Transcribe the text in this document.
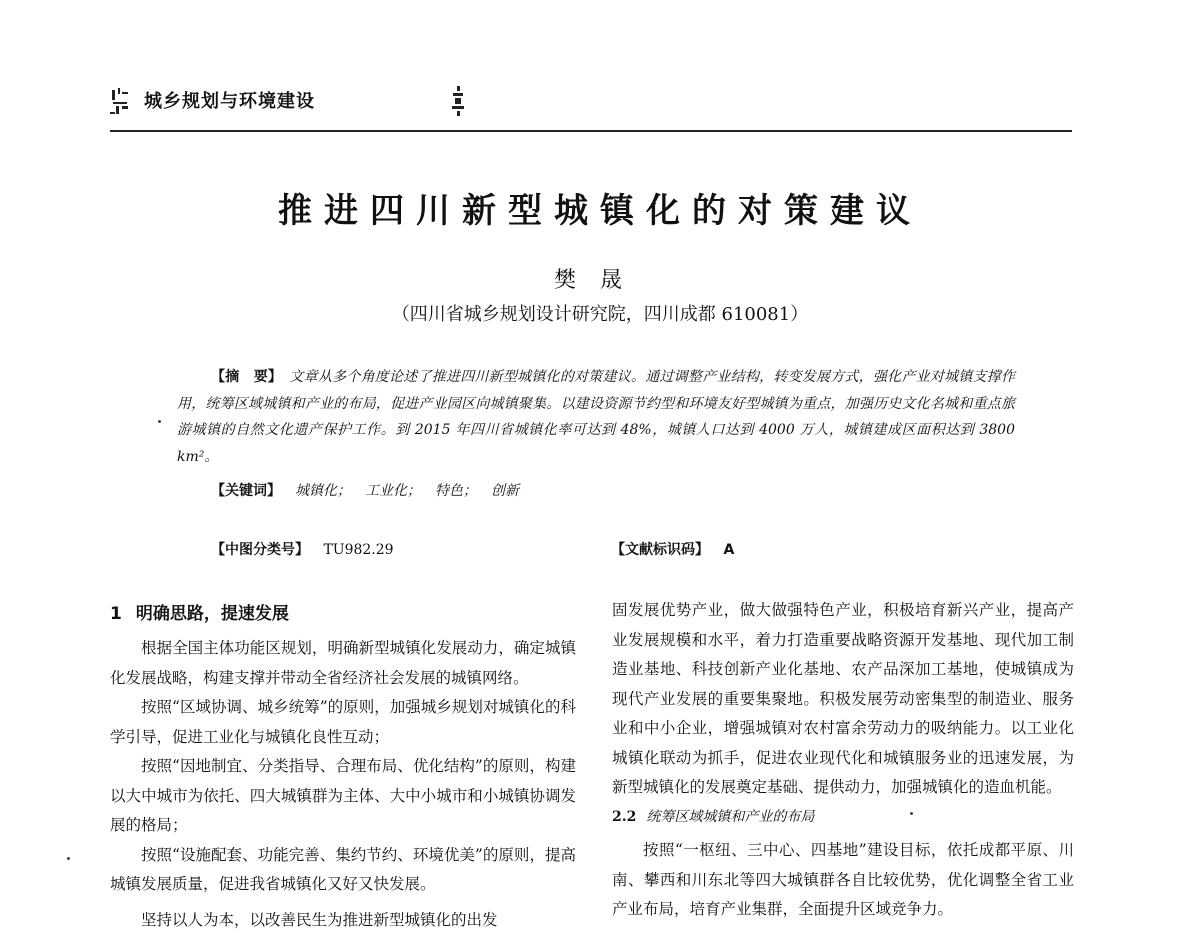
城乡规划与环境建设
推进四川新型城镇化的对策建议
樊晟
（四川省城乡规划设计研究院，四川成都 610081）
【摘　要】　 文章从多个角度论述了推进四川新型城镇化的对策建议。通过调整产业结构，转变发展方式，强化产业对城镇支撑作用，统筹区域城镇和产业的布局，促进产业园区向城镇聚集。以建设资源节约型和环境友好型城镇为重点，加强历史文化名城和重点旅游城镇的自然文化遗产保护工作。到 2015 年四川省城镇化率可达到 48%，城镇人口达到 4000 万人，城镇建成区面积达到 3800 km²。
【关键词】 城镇化； 工业化； 特色； 创新
【中图分类号】 TU982.29	【文献标识码】 A
1 明确思路，提速发展

根据全国主体功能区规划，明确新型城镇化发展动力，确定城镇化发展战略，构建支撑并带动全省经济社会发展的城镇网络。

按照“区域协调、城乡统筹”的原则，加强城乡规划对城镇化的科学引导，促进工业化与城镇化良性互动；

按照“因地制宜、分类指导、合理布局、优化结构”的原则，构建以大中城市为依托、四大城镇群为主体、大中小城市和小城镇协调发展的格局；

按照“设施配套、功能完善、集约节约、环境优美”的原则，提高城镇发展质量，促进我省城镇化又好又快发展。

坚持以人为本，以改善民生为推进新型城镇化的出发

固发展优势产业，做大做强特色产业，积极培育新兴产业，提高产业发展规模和水平，着力打造重要战略资源开发基地、现代加工制造业基地、科技创新产业化基地、农产品深加工基地，使城镇成为现代产业发展的重要集聚地。积极发展劳动密集型的制造业、服务业和中小企业，增强城镇对农村富余劳动力的吸纳能力。以工业化城镇化联动为抓手，促进农业现代化和城镇服务业的迅速发展，为新型城镇化的发展奠定基础、提供动力，加强城镇化的造血机能。

2.2 统筹区域城镇和产业的布局

按照“一枢纽、三中心、四基地”建设目标，依托成都平原、川南、攀西和川东北等四大城镇群各自比较优势，优化调整全省工业产业布局，培育产业集群，全面提升区域竞争力。
